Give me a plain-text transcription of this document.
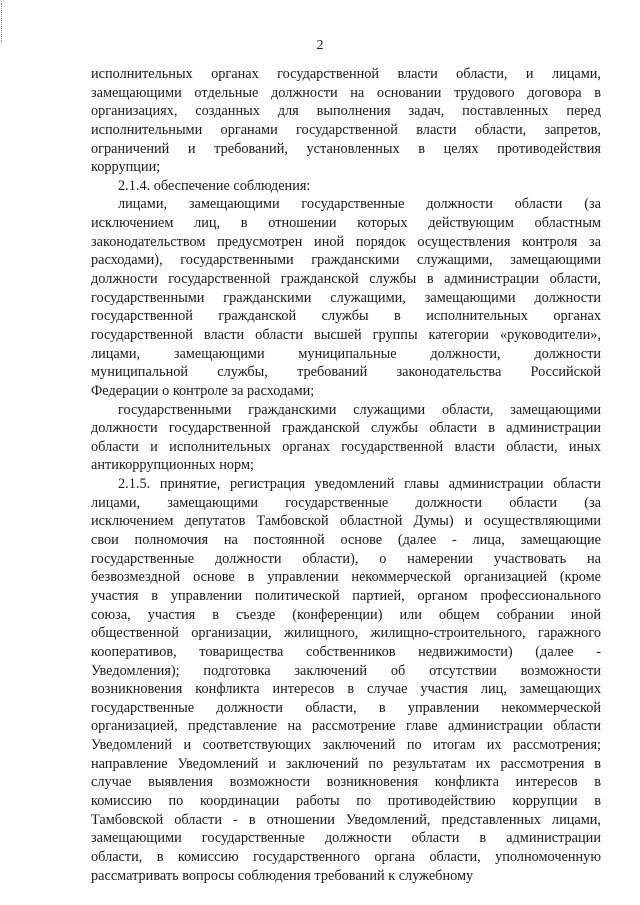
2
исполнительных органах государственной власти области, и лицами,
замещающими отдельные должности на основании трудового договора в
организациях, созданных для выполнения задач, поставленных перед
исполнительными органами государственной власти области, запретов,
ограничений и требований, установленных в целях противодействия
коррупции;
2.1.4. обеспечение соблюдения:
лицами, замещающими государственные должности области (за
исключением лиц, в отношении которых действующим областным
законодательством предусмотрен иной порядок осуществления контроля за
расходами), государственными гражданскими служащими, замещающими
должности государственной гражданской службы в администрации области,
государственными гражданскими служащими, замещающими должности
государственной гражданской службы в исполнительных органах
государственной власти области высшей группы категории «руководители»,
лицами, замещающими муниципальные должности, должности
муниципальной службы, требований законодательства Российской
Федерации о контроле за расходами;
государственными гражданскими служащими области, замещающими
должности государственной гражданской службы области в администрации
области и исполнительных органах государственной власти области, иных
антикоррупционных норм;
2.1.5. принятие, регистрация уведомлений главы администрации области
лицами, замещающими государственные должности области (за
исключением депутатов Тамбовской областной Думы) и осуществляющими
свои полномочия на постоянной основе (далее - лица, замещающие
государственные должности области), о намерении участвовать на
безвозмездной основе в управлении некоммерческой организацией (кроме
участия в управлении политической партией, органом профессионального
союза, участия в съезде (конференции) или общем собрании иной
общественной организации, жилищного, жилищно-строительного, гаражного
кооперативов, товарищества собственников недвижимости) (далее -
Уведомления); подготовка заключений об отсутствии возможности
возникновения конфликта интересов в случае участия лиц, замещающих
государственные должности области, в управлении некоммерческой
организацией, представление на рассмотрение главе администрации области
Уведомлений и соответствующих заключений по итогам их рассмотрения;
направление Уведомлений и заключений по результатам их рассмотрения в
случае выявления возможности возникновения конфликта интересов в
комиссию по координации работы по противодействию коррупции в
Тамбовской области - в отношении Уведомлений, представленных лицами,
замещающими государственные должности области в администрации
области, в комиссию государственного органа области, уполномоченную
рассматривать вопросы соблюдения требований к служебному
